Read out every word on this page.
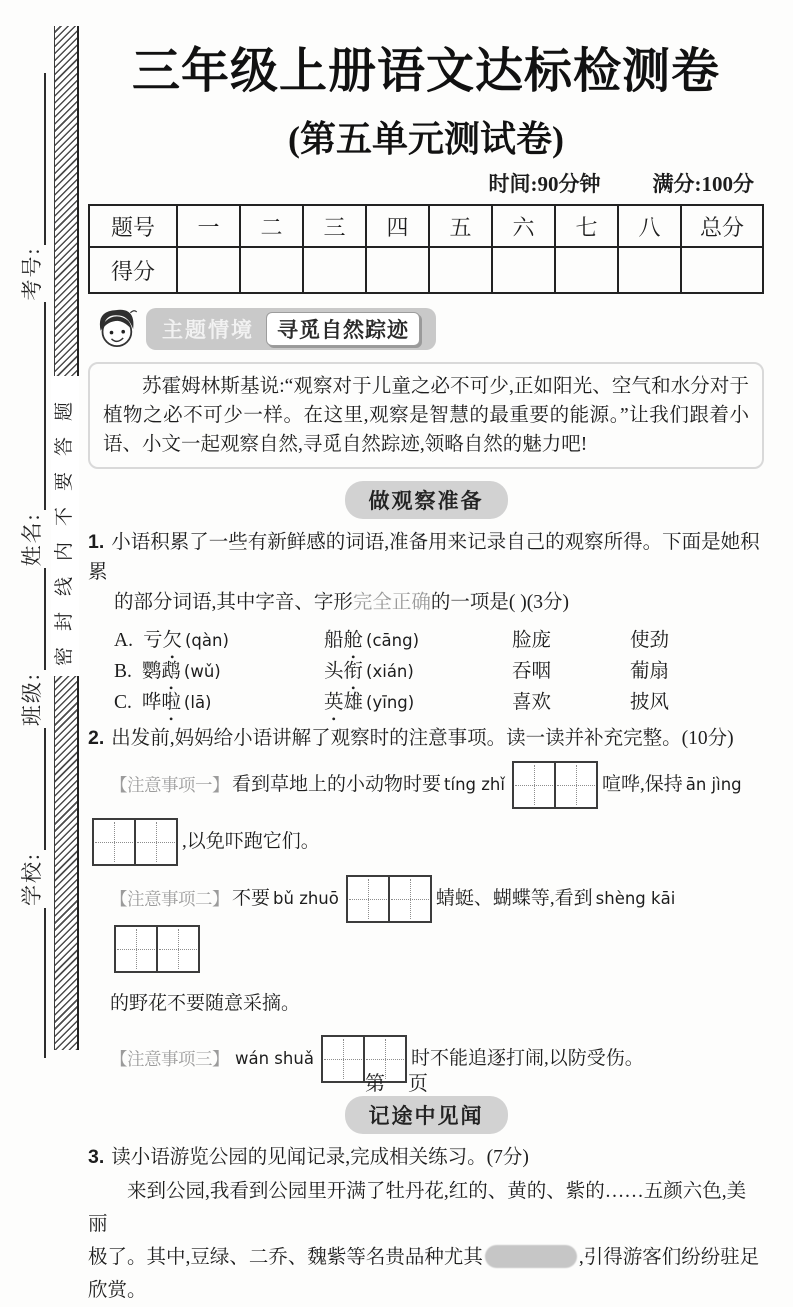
学校:
班级:
姓名:
考号:
密封线内不要答题
三年级上册语文达标检测卷
(第五单元测试卷)
时间:90分钟 满分:100分
题号	一	二	三	四	五	六	七	八	总分
得分									
主题情境	寻觅自然踪迹

苏霍姆林斯基说:“观察对于儿童之必不可少,正如阳光、空气和水分对于植物之必不可少一样。在这里,观察是智慧的最重要的能源。”让我们跟着小语、小文一起观察自然,寻觅自然踪迹,领略自然的魅力吧!

做观察准备
1. 小语积累了一些有新鲜感的词语,准备用来记录自己的观察所得。下面是她积累
的部分词语,其中字音、字形完全正确的一项是( )(3分)
A. 亏欠 (qàn)	船舱 (cāng)	脸庞	使劲
B. 鹦鹉 (wǔ)	头衔 (xián)	吞咽	葡扇
C. 哗啦 (lā)	英雄 (yīng)	喜欢	披风
2. 出发前,妈妈给小语讲解了观察时的注意事项。读一读并补充完整。(10分)
【注意事项一】 看到草地上的小动物时要 tíng zhǐ	喧哗,保持 ān jìng
,以免吓跑它们。
【注意事项二】 不要 bǔ zhuō	蜻蜓、蝴蝶等,看到 shèng kāi
的野花不要随意采摘。
【注意事项三】 wán shuǎ	时不能追逐打闹,以防受伤。
记途中见闻
3. 读小语游览公园的见闻记录,完成相关练习。(7分)

来到公园,我看到公园里开满了牡丹花,红的、黄的、紫的……五颜六色,美丽

极了。其中,豆绿、二乔、魏紫等名贵品种尤其	,引得游客们纷纷驻足欣赏。

第 页
